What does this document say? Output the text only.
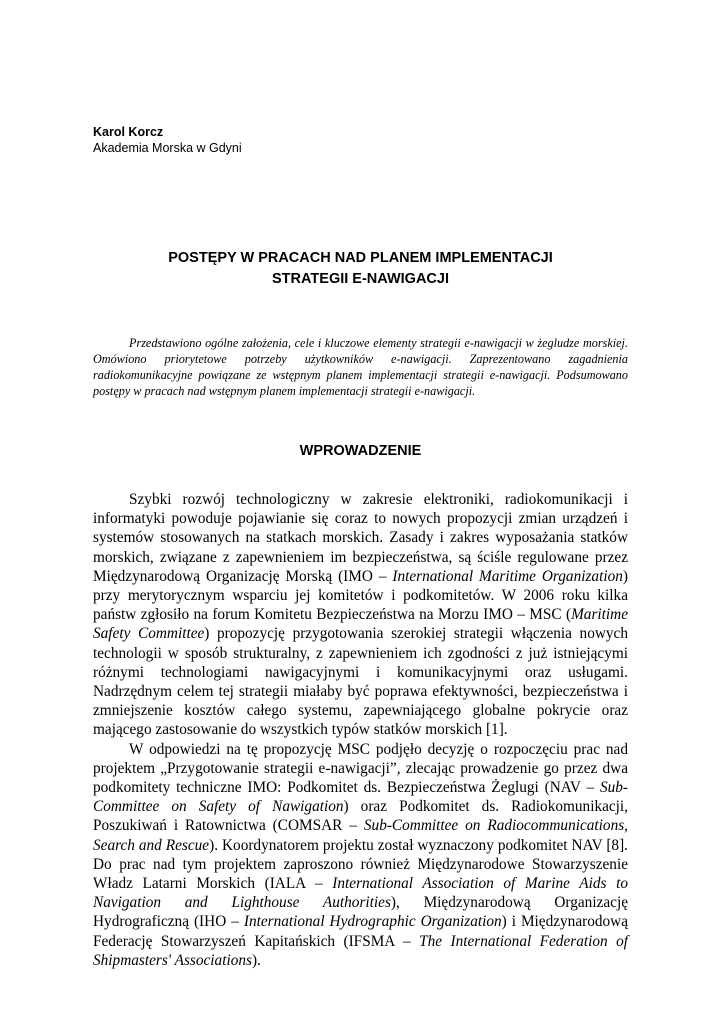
Karol Korcz
Akademia Morska w Gdyni
POSTĘPY W PRACACH NAD PLANEM IMPLEMENTACJI
STRATEGII E-NAWIGACJI
Przedstawiono ogólne założenia, cele i kluczowe elementy strategii e-nawigacji w żegludze morskiej. Omówiono priorytetowe potrzeby użytkowników e-nawigacji. Zaprezentowano zagadnienia radiokomunikacyjne powiązane ze wstępnym planem implementacji strategii e-nawigacji. Podsumowano postępy w pracach nad wstępnym planem implementacji strategii e-nawigacji.
WPROWADZENIE

Szybki rozwój technologiczny w zakresie elektroniki, radiokomunikacji i informatyki powoduje pojawianie się coraz to nowych propozycji zmian urządzeń i systemów stosowanych na statkach morskich. Zasady i zakres wyposażania statków morskich, związane z zapewnieniem im bezpieczeństwa, są ściśle regulowane przez Międzynarodową Organizację Morską (IMO – International Maritime Organization) przy merytorycznym wsparciu jej komitetów i podkomitetów. W 2006 roku kilka państw zgłosiło na forum Komitetu Bezpieczeństwa na Morzu IMO – MSC (Maritime Safety Committee) propozycję przygotowania szerokiej strategii włączenia nowych technologii w sposób strukturalny, z zapewnieniem ich zgodności z już istniejącymi różnymi technologiami nawigacyjnymi i komunikacyjnymi oraz usługami. Nadrzędnym celem tej strategii miałaby być poprawa efektywności, bezpieczeństwa i zmniejszenie kosztów całego systemu, zapewniającego globalne pokrycie oraz mającego zastosowanie do wszystkich typów statków morskich [1].

W odpowiedzi na tę propozycję MSC podjęło decyzję o rozpoczęciu prac nad projektem „Przygotowanie strategii e-nawigacji”, zlecając prowadzenie go przez dwa podkomitety techniczne IMO: Podkomitet ds. Bezpieczeństwa Żeglugi (NAV – Sub-Committee on Safety of Nawigation) oraz Podkomitet ds. Radiokomunikacji, Poszukiwań i Ratownictwa (COMSAR – Sub-Committee on Radiocommunications, Search and Rescue). Koordynatorem projektu został wyznaczony podkomitet NAV [8]. Do prac nad tym projektem zaproszono również Międzynarodowe Stowarzyszenie Władz Latarni Morskich (IALA – International Association of Marine Aids to Navigation and Lighthouse Authorities), Międzynarodową Organizację Hydrograficzną (IHO – International Hydrographic Organization) i Międzynarodową Federację Stowarzyszeń Kapitańskich (IFSMA – The International Federation of Shipmasters' Associations).
